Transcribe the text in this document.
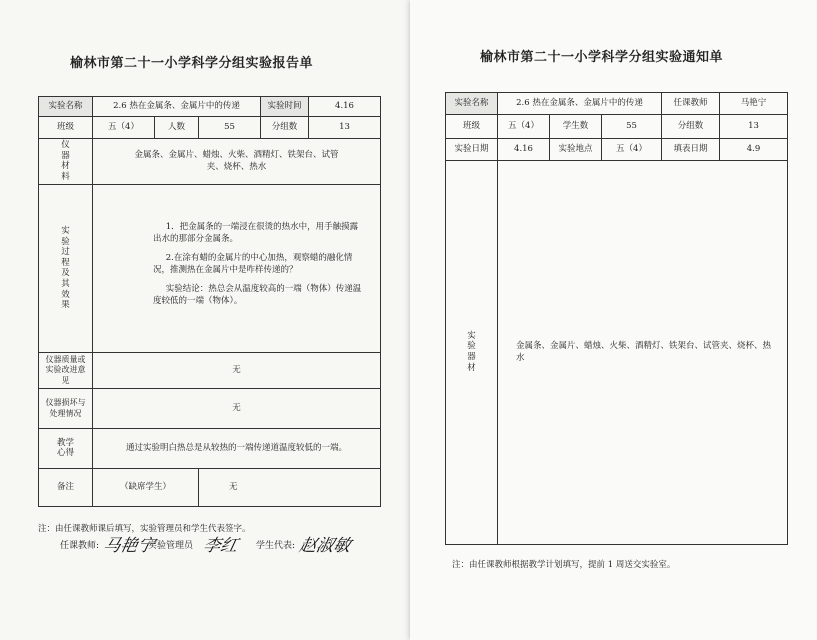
榆林市第二十一小学科学分组实验报告单
实验名称	2.6 热在金属条、金属片中的传递			实验时间	4.16
班级	五（4）	人数	55	分组数	13
仪器材料	金属条、金属片、蜡烛、火柴、酒精灯、铁架台、试管夹、烧杯、热水				
实验过程及其效果	1．把金属条的一端浸在很烫的热水中，用手触摸露出水的那部分金属条。
2.在涂有蜡的金属片的中心加热，观察蜡的融化情况，推测热在金属片中是咋样传递的？
实验结论：热总会从温度较高的一端（物体）传递温度较低的一端（物体）。				

仪器质量或实验改进意见	无				
仪器损坏与处理情况	无				
教学心得	通过实验明白热总是从较热的一端传递道温度较低的一端。				
备注	（缺席学生）		无		
注：由任课教师课后填写，实验管理员和学生代表签字。
任课教师: 马艳宁
实验管理员 李红 学生代表: 赵淑敏
榆林市第二十一小学科学分组实验通知单
实验名称	2.6 热在金属条、金属片中的传递			任课教师	马艳宁
班级	五（4）	学生数	55	分组数	13
实验日期	4.16	实验地点	五（4）	填表日期	4.9
实验器材	金属条、金属片、蜡烛、火柴、酒精灯、铁架台、试管夹、烧杯、热水				
注：由任课教师根据教学计划填写，提前 1 周送交实验室。
